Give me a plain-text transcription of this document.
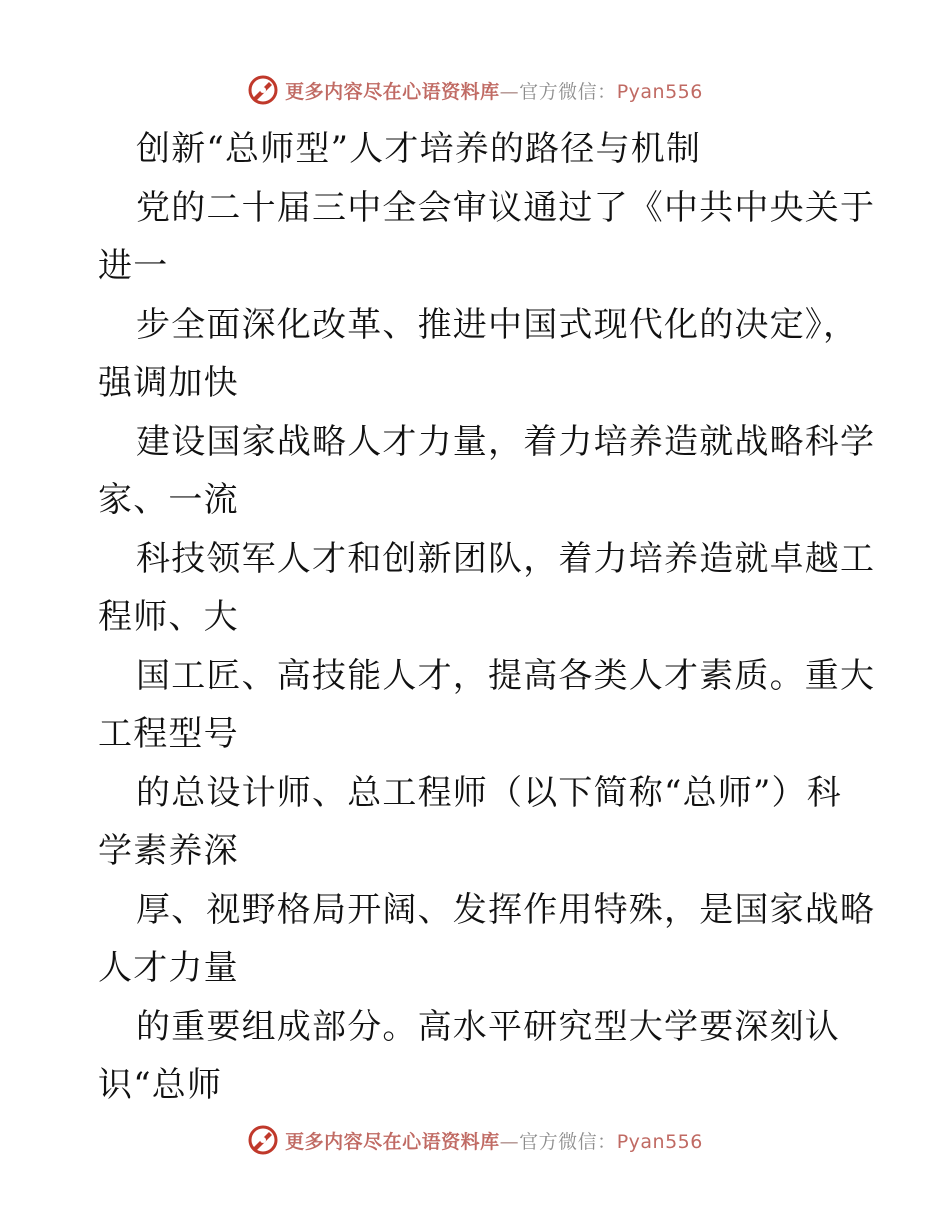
更多内容尽在心语资料库—官方微信：Pyan556
创新“总师型”人才培养的路径与机制
党的二十届三中全会审议通过了《中共中央关于
进一
步全面深化改革、推进中国式现代化的决定》，
强调加快
建设国家战略人才力量，着力培养造就战略科学
家、一流
科技领军人才和创新团队，着力培养造就卓越工
程师、大
国工匠、高技能人才，提高各类人才素质。重大
工程型号
的总设计师、总工程师（以下简称“总师”）科
学素养深
厚、视野格局开阔、发挥作用特殊，是国家战略
人才力量
的重要组成部分。高水平研究型大学要深刻认
识“总师
更多内容尽在心语资料库—官方微信：Pyan556
